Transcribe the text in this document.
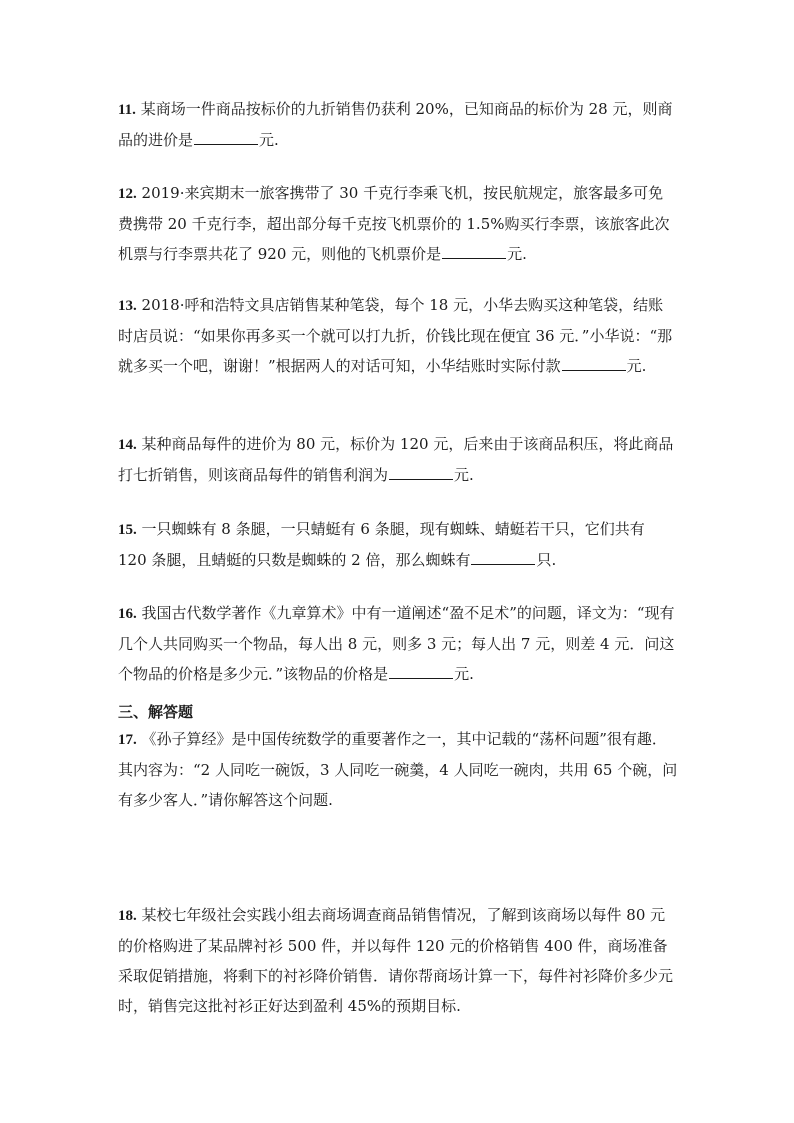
11. 某商场一件商品按标价的九折销售仍获利 20%，已知商品的标价为 28 元，则商品的进价是	元.
12. 2019·来宾期末一旅客携带了 30 千克行李乘飞机，按民航规定，旅客最多可免费携带 20 千克行李，超出部分每千克按飞机票价的 1.5%购买行李票，该旅客此次机票与行李票共花了 920 元，则他的飞机票价是	元.
13. 2018·呼和浩特文具店销售某种笔袋，每个 18 元，小华去购买这种笔袋，结账时店员说：“如果你再多买一个就可以打九折，价钱比现在便宜 36 元．”小华说：“那就多买一个吧，谢谢！”根据两人的对话可知，小华结账时实际付款	元.
14. 某种商品每件的进价为 80 元，标价为 120 元，后来由于该商品积压，将此商品打七折销售，则该商品每件的销售利润为	元.
15. 一只蜘蛛有 8 条腿，一只蜻蜓有 6 条腿，现有蜘蛛、蜻蜓若干只，它们共有 120 条腿，且蜻蜓的只数是蜘蛛的 2 倍，那么蜘蛛有	只.
16. 我国古代数学著作《九章算术》中有一道阐述“盈不足术”的问题，译文为：“现有几个人共同购买一个物品，每人出 8 元，则多 3 元；每人出 7 元，则差 4 元．问这个物品的价格是多少元．”该物品的价格是	元.
三、解答题
17. 《孙子算经》是中国传统数学的重要著作之一，其中记载的“荡杯问题”很有趣．其内容为：“2 人同吃一碗饭，3 人同吃一碗羹，4 人同吃一碗肉，共用 65 个碗，问有多少客人．”请你解答这个问题.
18. 某校七年级社会实践小组去商场调查商品销售情况，了解到该商场以每件 80 元的价格购进了某品牌衬衫 500 件，并以每件 120 元的价格销售 400 件，商场准备采取促销措施，将剩下的衬衫降价销售．请你帮商场计算一下，每件衬衫降价多少元时，销售完这批衬衫正好达到盈利 45%的预期目标.
